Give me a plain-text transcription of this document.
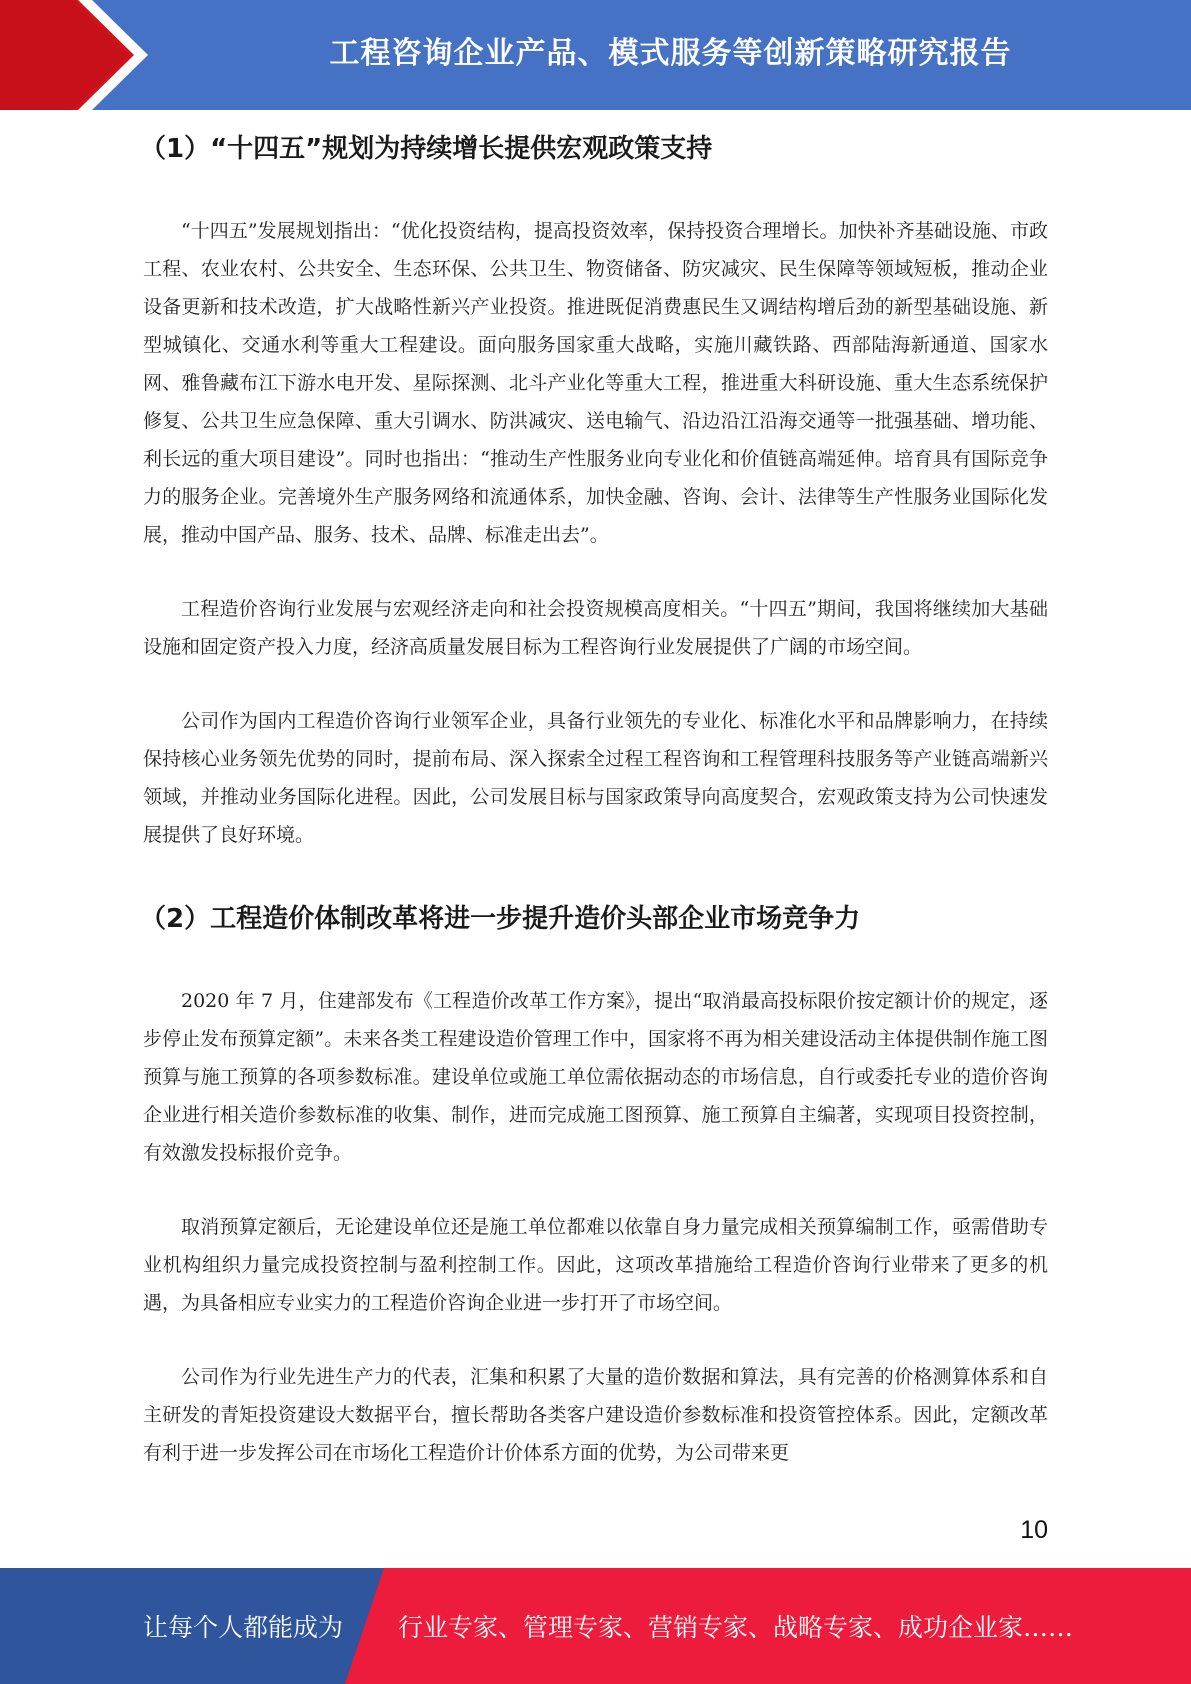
工程咨询企业产品、模式服务等创新策略研究报告
（1）“十四五”规划为持续增长提供宏观政策支持

“十四五”发展规划指出：“优化投资结构，提高投资效率，保持投资合理增长。加快补齐基础设施、市政工程、农业农村、公共安全、生态环保、公共卫生、物资储备、防灾减灾、民生保障等领域短板，推动企业设备更新和技术改造，扩大战略性新兴产业投资。推进既促消费惠民生又调结构增后劲的新型基础设施、新型城镇化、交通水利等重大工程建设。面向服务国家重大战略，实施川藏铁路、西部陆海新通道、国家水网、雅鲁藏布江下游水电开发、星际探测、北斗产业化等重大工程，推进重大科研设施、重大生态系统保护修复、公共卫生应急保障、重大引调水、防洪减灾、送电输气、沿边沿江沿海交通等一批强基础、增功能、利长远的重大项目建设”。同时也指出：“推动生产性服务业向专业化和价值链高端延伸。培育具有国际竞争力的服务企业。完善境外生产服务网络和流通体系，加快金融、咨询、会计、法律等生产性服务业国际化发展，推动中国产品、服务、技术、品牌、标准走出去”。

工程造价咨询行业发展与宏观经济走向和社会投资规模高度相关。“十四五”期间，我国将继续加大基础设施和固定资产投入力度，经济高质量发展目标为工程咨询行业发展提供了广阔的市场空间。

公司作为国内工程造价咨询行业领军企业，具备行业领先的专业化、标准化水平和品牌影响力，在持续保持核心业务领先优势的同时，提前布局、深入探索全过程工程咨询和工程管理科技服务等产业链高端新兴领域，并推动业务国际化进程。因此，公司发展目标与国家政策导向高度契合，宏观政策支持为公司快速发展提供了良好环境。

（2）工程造价体制改革将进一步提升造价头部企业市场竞争力

2020 年 7 月，住建部发布《工程造价改革工作方案》，提出“取消最高投标限价按定额计价的规定，逐步停止发布预算定额”。未来各类工程建设造价管理工作中，国家将不再为相关建设活动主体提供制作施工图预算与施工预算的各项参数标准。建设单位或施工单位需依据动态的市场信息，自行或委托专业的造价咨询企业进行相关造价参数标准的收集、制作，进而完成施工图预算、施工预算自主编著，实现项目投资控制，有效激发投标报价竞争。

取消预算定额后，无论建设单位还是施工单位都难以依靠自身力量完成相关预算编制工作，亟需借助专业机构组织力量完成投资控制与盈利控制工作。因此，这项改革措施给工程造价咨询行业带来了更多的机遇，为具备相应专业实力的工程造价咨询企业进一步打开了市场空间。

公司作为行业先进生产力的代表，汇集和积累了大量的造价数据和算法，具有完善的价格测算体系和自主研发的青矩投资建设大数据平台，擅长帮助各类客户建设造价参数标准和投资管控体系。因此，定额改革有利于进一步发挥公司在市场化工程造价计价体系方面的优势，为公司带来更

10
让每个人都能成为 行业专家、管理专家、营销专家、战略专家、成功企业家……
